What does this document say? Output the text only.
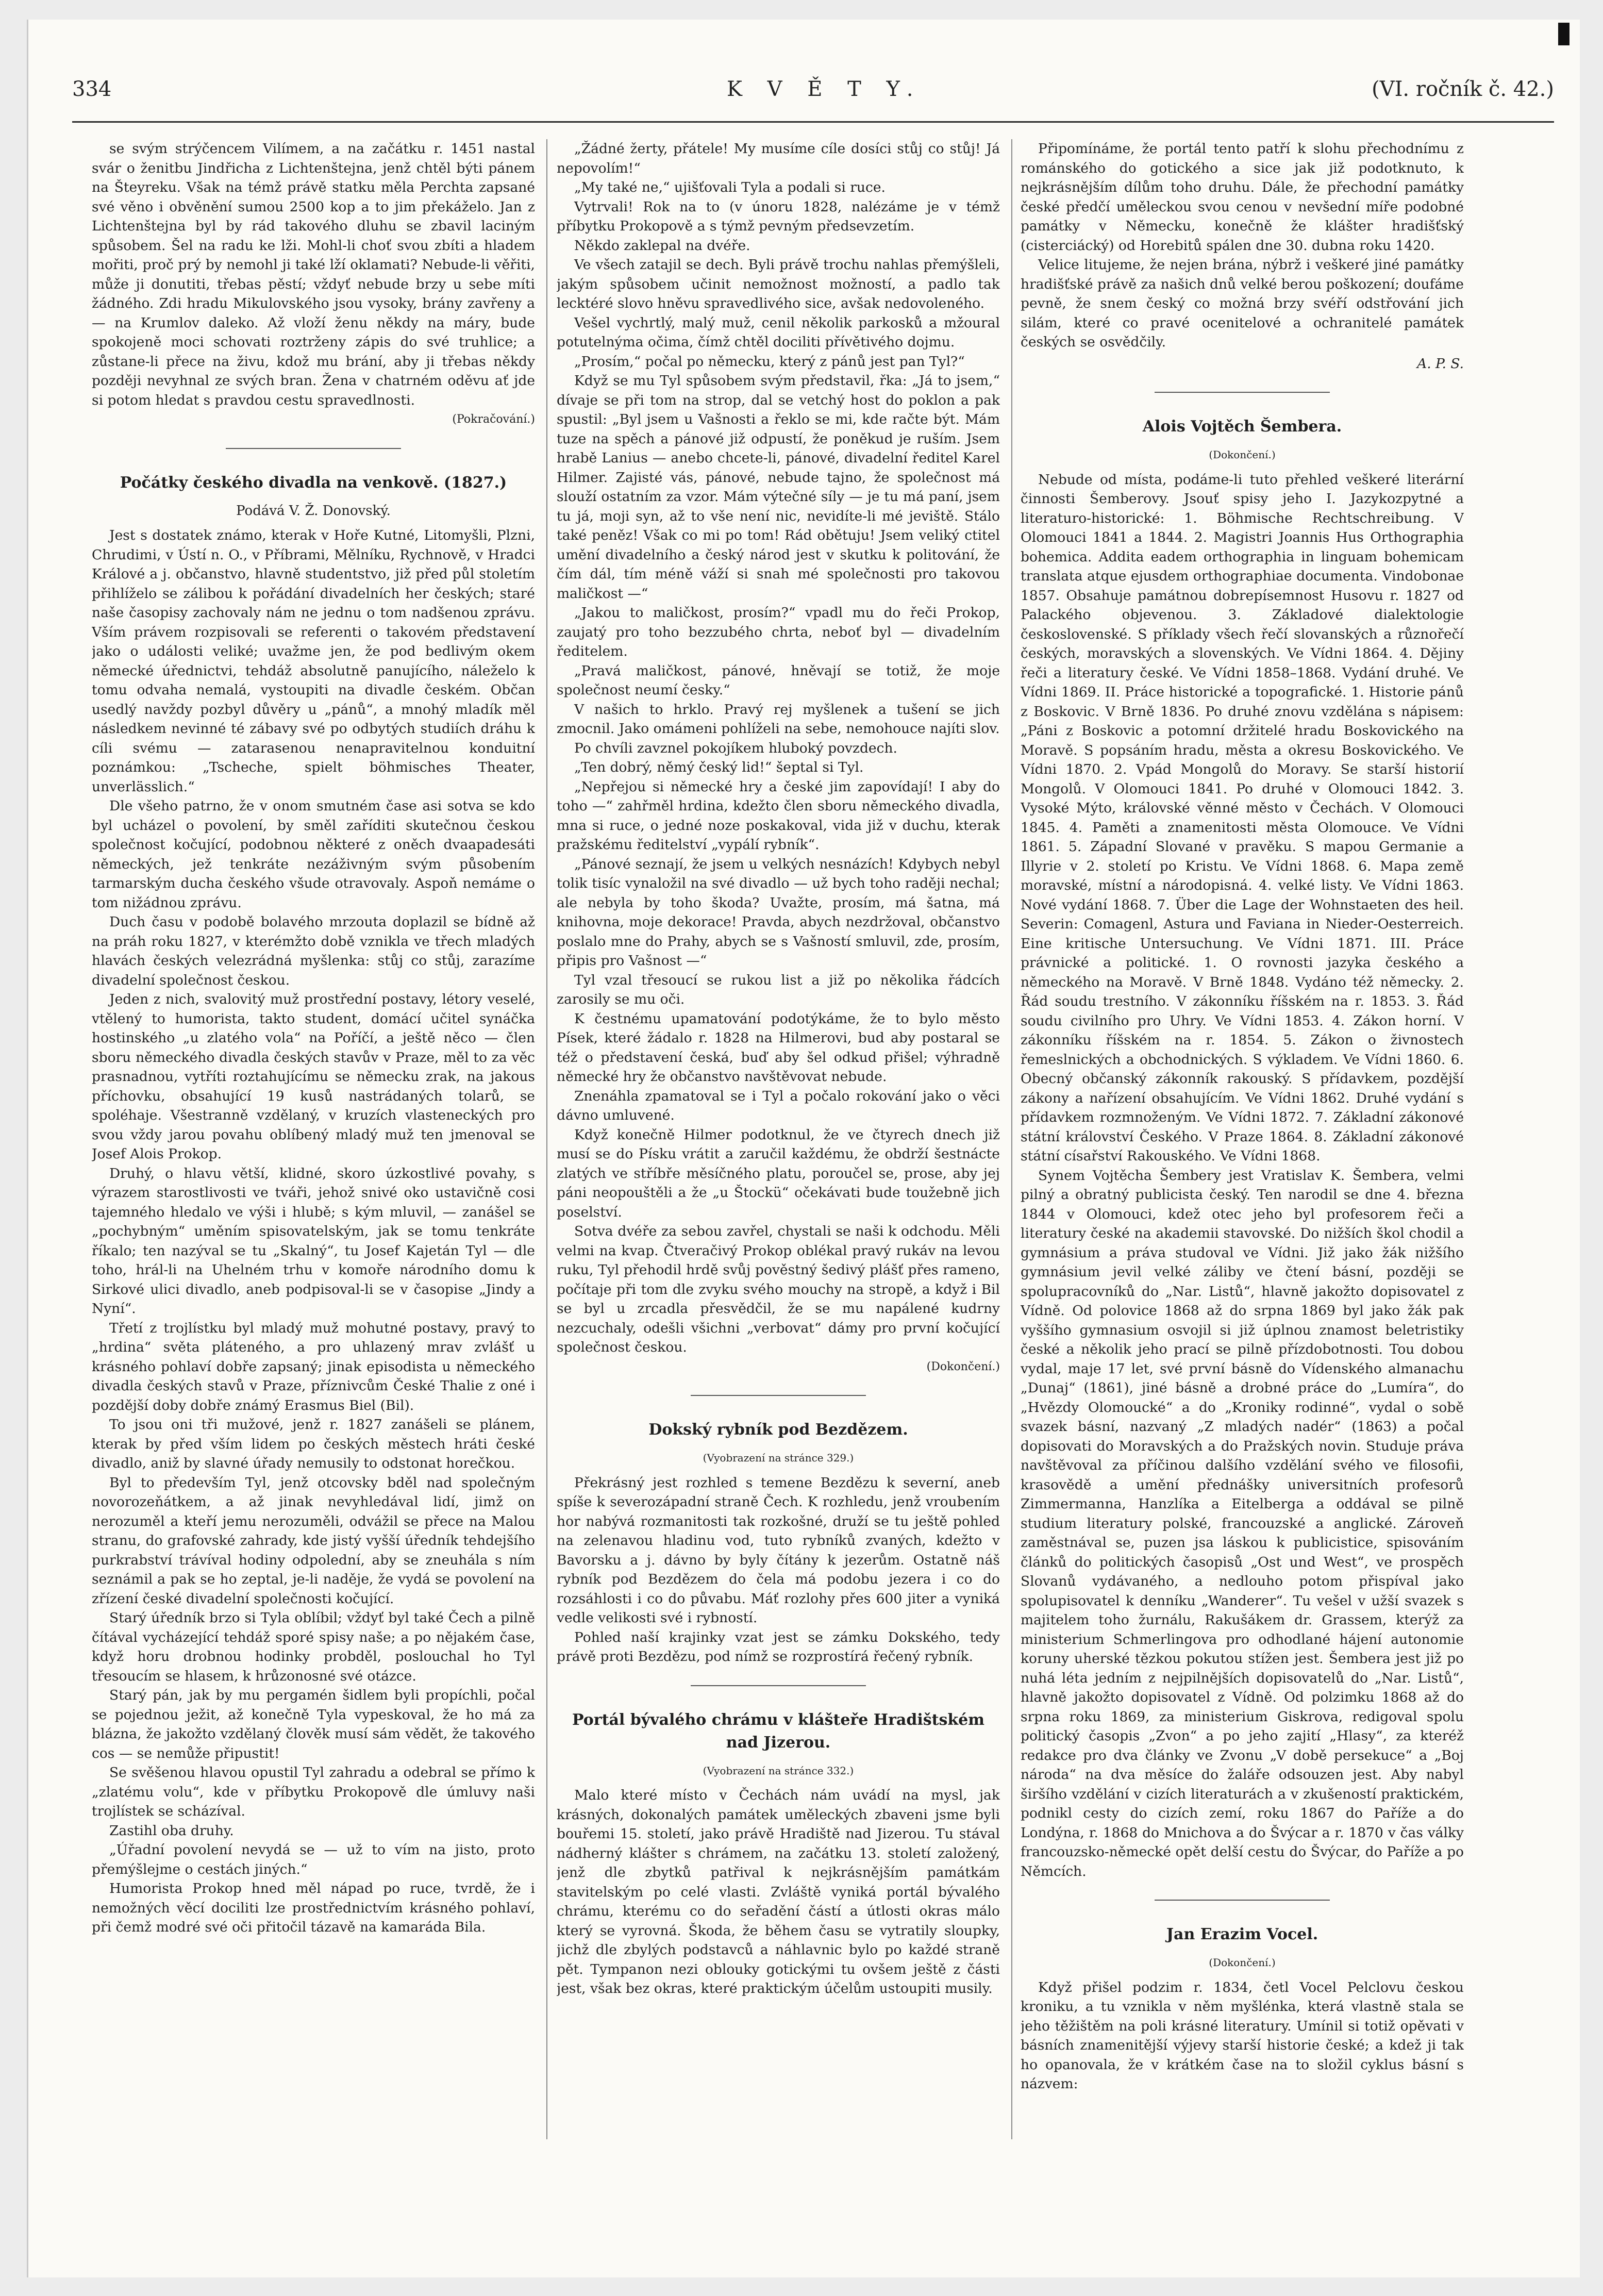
334	K V Ě T Y.	(VI. ročník č. 42.)

se svým strýčencem Vilímem, a na začátku r. 1451 nastal svár o ženitbu Jindřicha z Lichtenštejna, jenž chtěl býti pánem na Šteyreku. Však na témž právě statku měla Perchta zapsané své věno i obvěnění sumou 2500 kop a to jim překáželo. Jan z Lichtenštejna byl by rád takového dluhu se zbavil laciným spůsobem. Šel na radu ke lži. Mohl-li choť svou zbíti a hladem mořiti, proč prý by nemohl ji také lží oklamati? Nebude-li věřiti, může ji donutiti, třebas pěstí; vždyť nebude brzy u sebe míti žádného. Zdi hradu Mikulovského jsou vysoky, brány zavřeny a — na Krumlov daleko. Až vloží ženu někdy na máry, bude spokojeně moci schovati roztrženy zápis do své truhlice; a zůstane-li přece na živu, kdož mu brání, aby ji třebas někdy později nevyhnal ze svých bran. Žena v chatrném oděvu ať jde si potom hledat s pravdou cestu spravedlnosti.

(Pokračování.)

Počátky českého divadla na venkově. (1827.)

Podává V. Ž. Donovský.

Jest s dostatek známo, kterak v Hoře Kutné, Litomyšli, Plzni, Chrudimi, v Ústí n. O., v Příbrami, Mělníku, Rychnově, v Hradci Králové a j. občanstvo, hlavně studentstvo, již před půl stoletím přihlíželo se zálibou k pořádání divadelních her českých; staré naše časopisy zachovaly nám ne jednu o tom nadšenou zprávu. Vším právem rozpisovali se referenti o takovém představení jako o události veliké; uvažme jen, že pod bedlivým okem německé úřednictvi, tehdáž absolutně panujícího, náleželo k tomu odvaha nemalá, vystoupiti na divadle českém. Občan usedlý navždy pozbyl důvěry u „pánů“, a mnohý mladík měl následkem nevinné té zábavy své po odbytých studiích dráhu k cíli svému — zatarasenou nenapravitelnou konduitní poznámkou: „Tscheche, spielt böhmisches Theater, unverlässlich.“

Dle všeho patrno, že v onom smutném čase asi sotva se kdo byl ucházel o povolení, by směl zaříditi skutečnou českou společnost kočující, podobnou některé z oněch dvaapadesáti německých, jež tenkráte nezáživným svým působením tarmarským ducha českého všude otravovaly. Aspoň nemáme o tom nižádnou zprávu.

Duch času v podobě bolavého mrzouta doplazil se bídně až na práh roku 1827, v kterémžto době vznikla ve třech mladých hlavách českých velezrádná myšlenka: stůj co stůj, zarazíme divadelní společnost českou.

Jeden z nich, svalovitý muž prostřední postavy, létory veselé, vtělený to humorista, takto student, domácí učitel synáčka hostinského „u zlatého vola“ na Poříčí, a ještě něco — člen sboru německého divadla českých stavův v Praze, měl to za věc prasnadnou, vytříti roztahujícímu se německu zrak, na jakous příchovku, obsahující 19 kusů nastrádaných tolarů, se spoléhaje. Všestranně vzdělaný, v kruzích vlasteneckých pro svou vždy jarou povahu oblíbený mladý muž ten jmenoval se Josef Alois Prokop.

Druhý, o hlavu větší, klidné, skoro úzkostlivé povahy, s výrazem starostlivosti ve tváři, jehož snivé oko ustavičně cosi tajemného hledalo ve výši i hlubě; s kým mluvil, — zanášel se „pochybným“ uměním spisovatelským, jak se tomu tenkráte říkalo; ten nazýval se tu „Skalný“, tu Josef Kajetán Tyl — dle toho, hrál-li na Uhelném trhu v komoře národního domu k Sirkové ulici divadlo, aneb podpisoval-li se v časopise „Jindy a Nyní“.

Třetí z trojlístku byl mladý muž mohutné postavy, pravý to „hrdina“ světa pláteného, a pro uhlazený mrav zvlášť u krásného pohlaví dobře zapsaný; jinak episodista u německého divadla českých stavů v Praze, příznivcům České Thalie z oné i pozdější doby dobře známý Erasmus Biel (Bil).

To jsou oni tři mužové, jenž r. 1827 zanášeli se plánem, kterak by před vším lidem po českých městech hráti české divadlo, aniž by slavné úřady nemusily to odstonat horečkou.

Byl to především Tyl, jenž otcovsky bděl nad společným novorozeňátkem, a až jinak nevyhledával lidí, jimž on nerozuměl a kteří jemu nerozuměli, odvážil se přece na Malou stranu, do grafovské zahrady, kde jistý vyšší úředník tehdejšího purkrabství trávíval hodiny odpolední, aby se zneuhála s ním seznámil a pak se ho zeptal, je-li naděje, že vydá se povolení na zřízení české divadelní společnosti kočující.

Starý úředník brzo si Tyla oblíbil; vždyť byl také Čech a pilně čítával vycházející tehdáž sporé spisy naše; a po nějakém čase, když horu drobnou hodinky probděl, poslouchal ho Tyl třesoucím se hlasem, k hrůzonosné své otázce.

Starý pán, jak by mu pergamén šidlem byli propíchli, počal se pojednou ježit, až konečně Tyla vypeskoval, že ho má za blázna, že jakožto vzdělaný člověk musí sám vědět, že takového cos — se nemůže připustit!

Se svěšenou hlavou opustil Tyl zahradu a odebral se přímo k „zlatému volu“, kde v příbytku Prokopově dle úmluvy naši trojlístek se scházíval.

Zastihl oba druhy.

„Úřadní povolení nevydá se — už to vím na jisto, proto přemýšlejme o cestách jiných.“

Humorista Prokop hned měl nápad po ruce, tvrdě, že i nemožných věcí dociliti lze prostřednictvím krásného pohlaví, při čemž modré své oči přitočil tázavě na kamaráda Bila.

„Žádné žerty, přátele! My musíme cíle dosíci stůj co stůj! Já nepovolím!“

„My také ne,“ ujišťovali Tyla a podali si ruce.

Vytrvali! Rok na to (v únoru 1828, nalézáme je v témž příbytku Prokopově a s týmž pevným předsevzetím.

Někdo zaklepal na dvéře.

Ve všech zatajil se dech. Byli právě trochu nahlas přemýšleli, jakým spůsobem učinit nemožnost možností, a padlo tak lecktéré slovo hněvu spravedlivého sice, avšak nedovoleného.

Vešel vychrtlý, malý muž, cenil několik parkosků a mžoural potutelnýma očima, čímž chtěl dociliti přívětivého dojmu.

„Prosím,“ počal po německu, který z pánů jest pan Tyl?“

Když se mu Tyl spůsobem svým představil, řka: „Já to jsem,“ dívaje se při tom na strop, dal se vetchý host do poklon a pak spustil: „Byl jsem u Vašnosti a řeklo se mi, kde račte být. Mám tuze na spěch a pánové již odpustí, že poněkud je ruším. Jsem hrabě Lanius — anebo chcete-li, pánové, divadelní ředitel Karel Hilmer. Zajisté vás, pánové, nebude tajno, že společnost má slouží ostatním za vzor. Mám výtečné síly — je tu má paní, jsem tu já, moji syn, až to vše není nic, nevidíte-li mé jeviště. Stálo také peněz! Však co mi po tom! Rád obětuju! Jsem veliký ctitel umění divadelního a český národ jest v skutku k politování, že čím dál, tím méně váží si snah mé společnosti pro takovou maličkost —“

„Jakou to maličkost, prosím?“ vpadl mu do řeči Prokop, zaujatý pro toho bezzubého chrta, neboť byl — divadelním ředitelem.

„Pravá maličkost, pánové, hněvají se totiž, že moje společnost neumí česky.“

V našich to hrklo. Pravý rej myšlenek a tušení se jich zmocnil. Jako omámeni pohlíželi na sebe, nemohouce najíti slov.

Po chvíli zavznel pokojíkem hluboký povzdech.

„Ten dobrý, němý český lid!“ šeptal si Tyl.

„Nepřejou si německé hry a české jim zapovídají! I aby do toho —“ zahřměl hrdina, kdežto člen sboru německého divadla, mna si ruce, o jedné noze poskakoval, vida již v duchu, kterak pražskému ředitelství „vypálí rybník“.

„Pánové seznají, že jsem u velkých nesnázích! Kdybych nebyl tolik tisíc vynaložil na své divadlo — už bych toho raději nechal; ale nebyla by toho škoda? Uvažte, prosím, má šatna, má knihovna, moje dekorace! Pravda, abych nezdržoval, občanstvo poslalo mne do Prahy, abych se s Vašností smluvil, zde, prosím, připis pro Vašnost —“

Tyl vzal třesoucí se rukou list a již po několika řádcích zarosily se mu oči.

K čestnému upamatování podotýkáme, že to bylo město Písek, které žádalo r. 1828 na Hilmerovi, bud aby postaral se též o představení česká, buď aby šel odkud přišel; výhradně německé hry že občanstvo navštěvovat nebude.

Znenáhla zpamatoval se i Tyl a počalo rokování jako o věci dávno umluvené.

Když konečně Hilmer podotknul, že ve čtyrech dnech již musí se do Písku vrátit a zaručil každému, že obdrží šestnácte zlatých ve stříbře měsíčného platu, poroučel se, prose, aby jej páni neopouštěli a že „u Štockü“ očekávati bude toužebně jich poselství.

Sotva dvéře za sebou zavřel, chystali se naši k odchodu. Měli velmi na kvap. Čtveračivý Prokop oblékal pravý rukáv na levou ruku, Tyl přehodil hrdě svůj pověstný šedivý plášť přes rameno, počítaje při tom dle zvyku svého mouchy na stropě, a když i Bil se byl u zrcadla přesvědčil, že se mu napálené kudrny nezcuchaly, odešli všichni „verbovat“ dámy pro první kočující společnost českou.

(Dokončení.)

Dokský rybník pod Bezdězem.

(Vyobrazení na stránce 329.)

Překrásný jest rozhled s temene Bezdězu k severní, aneb spíše k severozápadní straně Čech. K rozhledu, jenž vroubením hor nabývá rozmanitosti tak rozkošné, druží se tu ještě pohled na zelenavou hladinu vod, tuto rybníků zvaných, kdežto v Bavorsku a j. dávno by byly čítány k jezerům. Ostatně náš rybník pod Bezdězem do čela má podobu jezera i co do rozsáhlosti i co do půvabu. Máť rozlohy přes 600 jiter a vyniká vedle velikosti své i rybností.

Pohled naší krajinky vzat jest se zámku Dokského, tedy právě proti Bezdězu, pod nímž se rozprostírá řečený rybník.

Portál bývalého chrámu v klášteře Hradištském nad Jizerou.

(Vyobrazení na stránce 332.)

Malo které místo v Čechách nám uvádí na mysl, jak krásných, dokonalých památek uměleckých zbaveni jsme byli bouřemi 15. století, jako právě Hradiště nad Jizerou. Tu stával nádherný klášter s chrámem, na začátku 13. století založený, jenž dle zbytků patřival k nejkrásnějším památkám stavitelským po celé vlasti. Zvláště vyniká portál bývalého chrámu, kterému co do seřadění částí a útlosti okras málo který se vyrovná. Škoda, že během času se vytratily sloupky, jichž dle zbylých podstavců a náhlavnic bylo po každé straně pět. Tympanon nezi oblouky gotickými tu ovšem ještě z části jest, však bez okras, které praktickým účelům ustoupiti musily.

Připomínáme, že portál tento patří k slohu přechodnímu z románského do gotického a sice jak již podotknuto, k nejkrásnějším dílům toho druhu. Dále, že přechodní památky české předčí uměleckou svou cenou v nevšední míře podobné památky v Německu, konečně že klášter hradišťský (cisterciácký) od Horebitů spálen dne 30. dubna roku 1420.

Velice litujeme, že nejen brána, nýbrž i veškeré jiné památky hradišťské právě za našich dnů velké berou poškození; doufáme pevně, že snem český co možná brzy svéří odstřování jich silám, které co pravé ocenitelové a ochranitelé památek českých se osvědčily.

A. P. S.

Alois Vojtěch Šembera.

(Dokončení.)

Nebude od místa, podáme-li tuto přehled veškeré literární činnosti Šemberovy. Jsouť spisy jeho I. Jazykozpytné a literaturo-historické: 1. Böhmische Rechtschreibung. V Olomouci 1841 a 1844. 2. Magistri Joannis Hus Orthographia bohemica. Addita eadem orthographia in linguam bohemicam translata atque ejusdem orthographiae documenta. Vindobonae 1857. Obsahuje památnou dobrepísemnost Husovu r. 1827 od Palackého objevenou. 3. Základové dialektologie československé. S příklady všech řečí slovanských a různořečí českých, moravských a slovenských. Ve Vídni 1864. 4. Dějiny řeči a literatury české. Ve Vídni 1858–1868. Vydání druhé. Ve Vídni 1869. II. Práce historické a topografické. 1. Historie pánů z Boskovic. V Brně 1836. Po druhé znovu vzdělána s nápisem: „Páni z Boskovic a potomní držitelé hradu Boskovického na Moravě. S popsáním hradu, města a okresu Boskovického. Ve Vídni 1870. 2. Vpád Mongolů do Moravy. Se starší historií Mongolů. V Olomouci 1841. Po druhé v Olomouci 1842. 3. Vysoké Mýto, královské věnné město v Čechách. V Olomouci 1845. 4. Paměti a znamenitosti města Olomouce. Ve Vídni 1861. 5. Západní Slované v pravěku. S mapou Germanie a Illyrie v 2. století po Kristu. Ve Vídni 1868. 6. Mapa země moravské, místní a národopisná. 4. velké listy. Ve Vídni 1863. Nové vydání 1868. 7. Über die Lage der Wohnstaeten des heil. Severin: Comagenl, Astura und Faviana in Nieder-Oesterreich. Eine kritische Untersuchung. Ve Vídni 1871. III. Práce právnické a politické. 1. O rovnosti jazyka českého a německého na Moravě. V Brně 1848. Vydáno též německy. 2. Řád soudu trestního. V zákonníku říšském na r. 1853. 3. Řád soudu civilního pro Uhry. Ve Vídni 1853. 4. Zákon horní. V zákonníku říšském na r. 1854. 5. Zákon o živnostech řemeslnických a obchodnických. S výkladem. Ve Vídni 1860. 6. Obecný občanský zákonník rakouský. S přídavkem, pozdější zákony a nařízení obsahujícím. Ve Vídni 1862. Druhé vydání s přídavkem rozmnoženým. Ve Vídni 1872. 7. Základní zákonové státní království Českého. V Praze 1864. 8. Základní zákonové státní císařství Rakouského. Ve Vídni 1868.

Synem Vojtěcha Šembery jest Vratislav K. Šembera, velmi pilný a obratný publicista český. Ten narodil se dne 4. března 1844 v Olomouci, kdež otec jeho byl profesorem řeči a literatury české na akademii stavovské. Do nižších škol chodil a gymnásium a práva studoval ve Vídni. Již jako žák nižšího gymnásium jevil velké záliby ve čtení básní, později se spolupracovníků do „Nar. Listů“, hlavně jakožto dopisovatel z Vídně. Od polovice 1868 až do srpna 1869 byl jako žák pak vyššího gymnasium osvojil si již úplnou znamost beletristiky české a několik jeho prací se pilně přízdobotnosti. Tou dobou vydal, maje 17 let, své první básně do Vídenského almanachu „Dunaj“ (1861), jiné básně a drobné práce do „Lumíra“, do „Hvězdy Olomoucké“ a do „Kroniky rodinné“, vydal o sobě svazek básní, nazvaný „Z mladých nadér“ (1863) a počal dopisovati do Moravských a do Pražských novin. Studuje práva navštěvoval za příčinou dalšího vzdělání svého ve filosofii, krasovědě a umění přednášky universitních profesorů Zimmermanna, Hanzlíka a Eitelberga a oddával se pilně studium literatury polské, francouzské a anglické. Zároveň zaměstnával se, puzen jsa láskou k publicistice, spisováním článků do politických časopisů „Ost und West“, ve prospěch Slovanů vydávaného, a nedlouho potom přispíval jako spolupisovatel k denníku „Wanderer“. Tu vešel v užší svazek s majitelem toho žurnálu, Rakušákem dr. Grassem, kterýž za ministerium Schmerlingova pro odhodlané hájení autonomie koruny uherské tězkou pokutou stížen jest. Šembera jest již po nuhá léta jedním z nejpilnějších dopisovatelů do „Nar. Listů“, hlavně jakožto dopisovatel z Vídně. Od polzimku 1868 až do srpna roku 1869, za ministerium Giskrova, redigoval spolu politický časopis „Zvon“ a po jeho zajití „Hlasy“, za kteréž redakce pro dva články ve Zvonu „V době persekuce“ a „Boj národa“ na dva měsíce do žaláře odsouzen jest. Aby nabyl širšího vzdělání v cizích literaturách a v zkušeností praktickém, podnikl cesty do cizích zemí, roku 1867 do Paříže a do Londýna, r. 1868 do Mnichova a do Švýcar a r. 1870 v čas války francouzsko-německé opět delší cestu do Švýcar, do Paříže a po Němcích.

Jan Erazim Vocel.

(Dokončení.)

Když přišel podzim r. 1834, četl Vocel Pelclovu českou kroniku, a tu vznikla v něm myšlénka, která vlastně stala se jeho těžištěm na poli krásné literatury. Umínil si totiž opěvati v básních znamenitější výjevy starší historie české; a kdež ji tak ho opanovala, že v krátkém čase na to složil cyklus básní s názvem:
